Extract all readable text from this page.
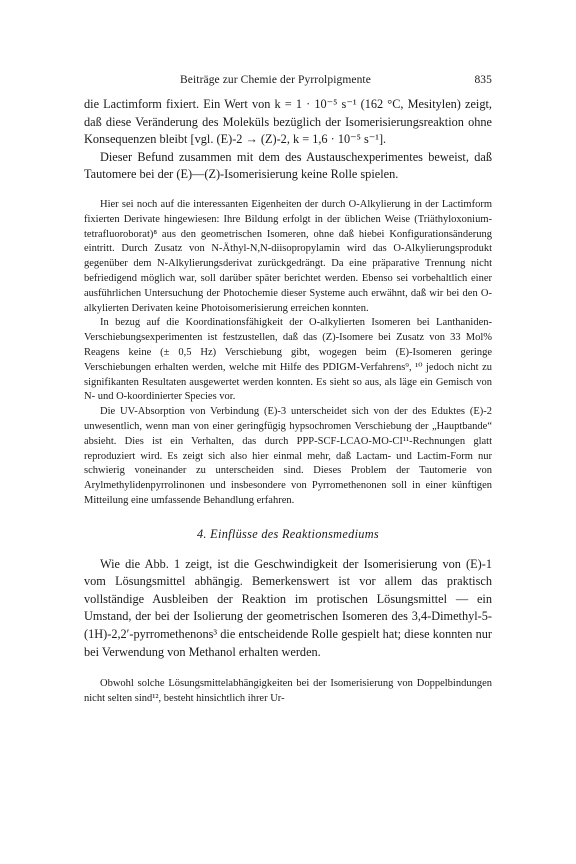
Beiträge zur Chemie der Pyrrolpigmente	835

die Lactimform fixiert. Ein Wert von k = 1 · 10⁻⁵ s⁻¹ (162 °C, Mesitylen) zeigt, daß diese Veränderung des Moleküls bezüglich der Isomerisierungsreaktion ohne Konsequenzen bleibt [vgl. (E)-2 → (Z)-2, k = 1,6 · 10⁻⁵ s⁻¹].

Dieser Befund zusammen mit dem des Austauschexperimentes beweist, daß Tautomere bei der (E)—(Z)-Isomerisierung keine Rolle spielen.

Hier sei noch auf die interessanten Eigenheiten der durch O-Alkylierung in der Lactimform fixierten Derivate hingewiesen: Ihre Bildung erfolgt in der üblichen Weise (Triäthyloxonium-tetrafluoroborat)⁸ aus den geometrischen Isomeren, ohne daß hiebei Konfigurationsänderung eintritt. Durch Zusatz von N-Äthyl-N,N-diisopropylamin wird das O-Alkylierungsprodukt gegenüber dem N-Alkylierungsderivat zurückgedrängt. Da eine präparative Trennung nicht befriedigend möglich war, soll darüber später berichtet werden. Ebenso sei vorbehaltlich einer ausführlichen Untersuchung der Photochemie dieser Systeme auch erwähnt, daß wir bei den O-alkylierten Derivaten keine Photoisomerisierung erreichen konnten.

In bezug auf die Koordinationsfähigkeit der O-alkylierten Isomeren bei Lanthaniden-Verschiebungsexperimenten ist festzustellen, daß das (Z)-Isomere bei Zusatz von 33 Mol% Reagens keine (± 0,5 Hz) Verschiebung gibt, wogegen beim (E)-Isomeren geringe Verschiebungen erhalten werden, welche mit Hilfe des PDIGM-Verfahrens⁹, ¹⁰ jedoch nicht zu signifikanten Resultaten ausgewertet werden konnten. Es sieht so aus, als läge ein Gemisch von N- und O-koordinierter Species vor.

Die UV-Absorption von Verbindung (E)-3 unterscheidet sich von der des Eduktes (E)-2 unwesentlich, wenn man von einer geringfügig hypsochromen Verschiebung der „Hauptbande“ absieht. Dies ist ein Verhalten, das durch PPP-SCF-LCAO-MO-CI¹¹-Rechnungen glatt reproduziert wird. Es zeigt sich also hier einmal mehr, daß Lactam- und Lactim-Form nur schwierig voneinander zu unterscheiden sind. Dieses Problem der Tautomerie von Arylmethylidenpyrrolinonen und insbesondere von Pyrromethenonen soll in einer künftigen Mitteilung eine umfassende Behandlung erfahren.

4. Einflüsse des Reaktionsmediums

Wie die Abb. 1 zeigt, ist die Geschwindigkeit der Isomerisierung von (E)-1 vom Lösungsmittel abhängig. Bemerkenswert ist vor allem das praktisch vollständige Ausbleiben der Reaktion im protischen Lösungsmittel — ein Umstand, der bei der Isolierung der geometrischen Isomeren des 3,4-Dimethyl-5-(1H)-2,2′-pyrromethenons³ die entscheidende Rolle gespielt hat; diese konnten nur bei Verwendung von Methanol erhalten werden.

Obwohl solche Lösungsmittelabhängigkeiten bei der Isomerisierung von Doppelbindungen nicht selten sind¹², besteht hinsichtlich ihrer Ur-
